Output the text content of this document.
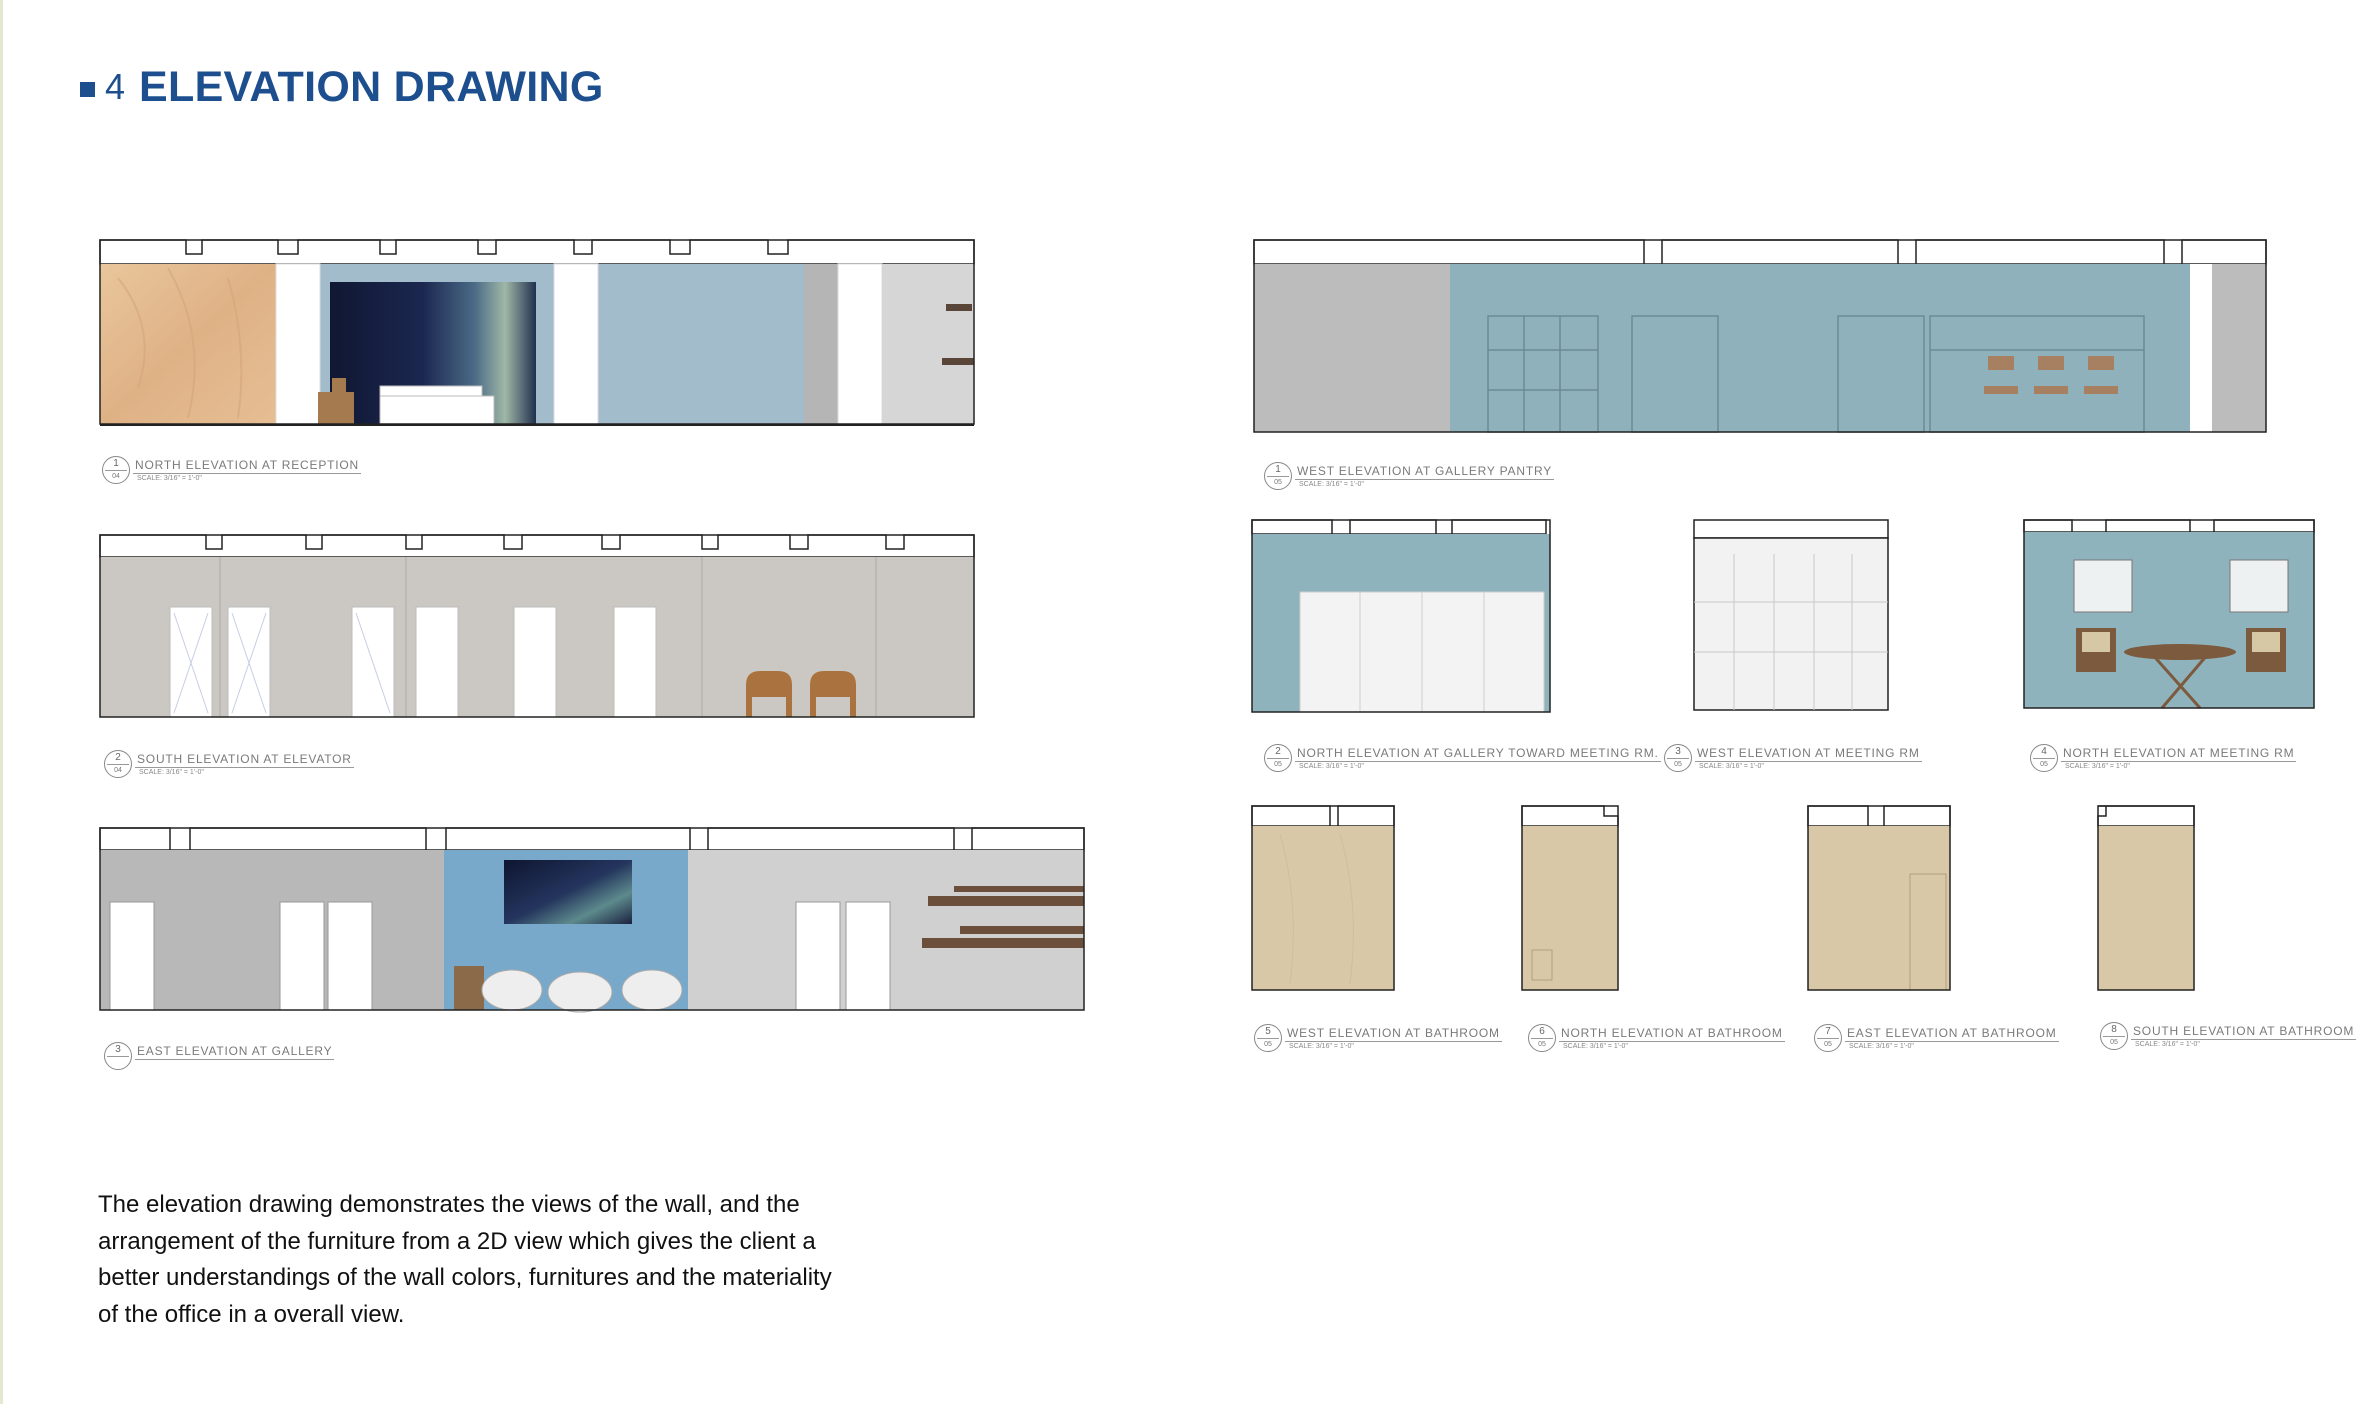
4 ELEVATION DRAWING
1
04
NORTH ELEVATION AT RECEPTION
SCALE: 3/16" = 1'-0"
2
04
SOUTH ELEVATION AT ELEVATOR
SCALE: 3/16" = 1'-0"
3	EAST ELEVATION AT GALLERY
1
05
WEST ELEVATION AT GALLERY PANTRY
SCALE: 3/16" = 1'-0"
2
05
NORTH ELEVATION AT GALLERY TOWARD MEETING RM.
SCALE: 3/16" = 1'-0"
3
05
WEST ELEVATION AT MEETING RM
SCALE: 3/16" = 1'-0"
4
05
NORTH ELEVATION AT MEETING RM
SCALE: 3/16" = 1'-0"
5
05
WEST ELEVATION AT BATHROOM
SCALE: 3/16" = 1'-0"
6
05
NORTH ELEVATION AT BATHROOM
SCALE: 3/16" = 1'-0"
7
05
EAST ELEVATION AT BATHROOM
SCALE: 3/16" = 1'-0"
8
05
SOUTH ELEVATION AT BATHROOM
SCALE: 3/16" = 1'-0"

The elevation drawing demonstrates the views of the wall, and the arrangement of the furniture from a 2D view which gives the client a better understandings of the wall colors, furnitures and the materiality of the office in a overall view.
